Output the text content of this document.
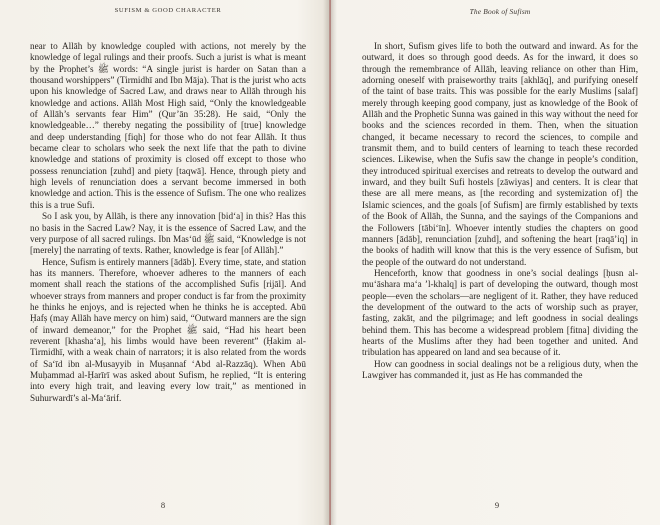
SUFISM & GOOD CHARACTER

near to Allāh by knowledge coupled with actions, not merely by the knowledge of legal rulings and their proofs. Such a jurist is what is meant by the Prophet’s ﷺ words: “A single jurist is harder on Satan than a thousand worshippers” (Tirmidhī and Ibn Māja). That is the jurist who acts upon his knowledge of Sacred Law, and draws near to Allāh through his knowledge and actions. Allāh Most High said, “Only the knowledgeable of Allāh’s servants fear Him” (Qur’ān 35:28). He said, “Only the knowledgeable…” thereby negating the possibility of [true] knowledge and deep understanding [fiqh] for those who do not fear Allāh. It thus became clear to scholars who seek the next life that the path to divine knowledge and stations of proximity is closed off except to those who possess renunciation [zuhd] and piety [taqwā]. Hence, through piety and high levels of renunciation does a servant become immersed in both knowledge and action. This is the essence of Sufism. The one who realizes this is a true Sufi.

So I ask you, by Allāh, is there any innovation [bid‘a] in this? Has this no basis in the Sacred Law? Nay, it is the essence of Sacred Law, and the very purpose of all sacred rulings. Ibn Mas‘ūd ﷺ said, “Knowledge is not [merely] the narrating of texts. Rather, knowledge is fear [of Allāh].”

Hence, Sufism is entirely manners [ādāb]. Every time, state, and station has its manners. Therefore, whoever adheres to the manners of each moment shall reach the stations of the accomplished Sufis [rijāl]. And whoever strays from manners and proper conduct is far from the proximity he thinks he enjoys, and is rejected when he thinks he is accepted. Abū Ḥafṣ (may Allāh have mercy on him) said, “Outward manners are the sign of inward demeanor,” for the Prophet ﷺ said, “Had his heart been reverent [khasha‘a], his limbs would have been reverent” (Ḥakim al-Tirmidhī, with a weak chain of narrators; it is also related from the words of Sa‘īd ibn al-Musayyib in Muṣannaf ‘Abd al-Razzāq). When Abū Muḥammad al-Ḥarīrī was asked about Sufism, he replied, “It is entering into every high trait, and leaving every low trait,” as mentioned in Suhurwardī’s al-Ma‘ārif.

8
The Book of Sufism

In short, Sufism gives life to both the outward and inward. As for the outward, it does so through good deeds. As for the inward, it does so through the remembrance of Allāh, leaving reliance on other than Him, adorning oneself with praiseworthy traits [akhlāq], and purifying oneself of the taint of base traits. This was possible for the early Muslims [salaf] merely through keeping good company, just as knowledge of the Book of Allāh and the Prophetic Sunna was gained in this way without the need for books and the sciences recorded in them. Then, when the situation changed, it became necessary to record the sciences, to compile and transmit them, and to build centers of learning to teach these recorded sciences. Likewise, when the Sufis saw the change in people’s condition, they introduced spiritual exercises and retreats to develop the outward and inward, and they built Sufi hostels [zāwiyas] and centers. It is clear that these are all mere means, as [the recording and systemization of] the Islamic sciences, and the goals [of Sufism] are firmly established by texts of the Book of Allāh, the Sunna, and the sayings of the Companions and the Followers [tābi‘īn]. Whoever intently studies the chapters on good manners [ādāb], renunciation [zuhd], and softening the heart [raqā’iq] in the books of hadith will know that this is the very essence of Sufism, but the people of the outward do not understand.

Henceforth, know that goodness in one’s social dealings [ḥusn al-mu‘āshara ma‘a ’l-khalq] is part of developing the outward, though most people—even the scholars—are negligent of it. Rather, they have reduced the development of the outward to the acts of worship such as prayer, fasting, zakāt, and the pilgrimage; and left goodness in social dealings behind them. This has become a widespread problem [fitna] dividing the hearts of the Muslims after they had been together and united. And tribulation has appeared on land and sea because of it.

How can goodness in social dealings not be a religious duty, when the Lawgiver has commanded it, just as He has commanded the

9
